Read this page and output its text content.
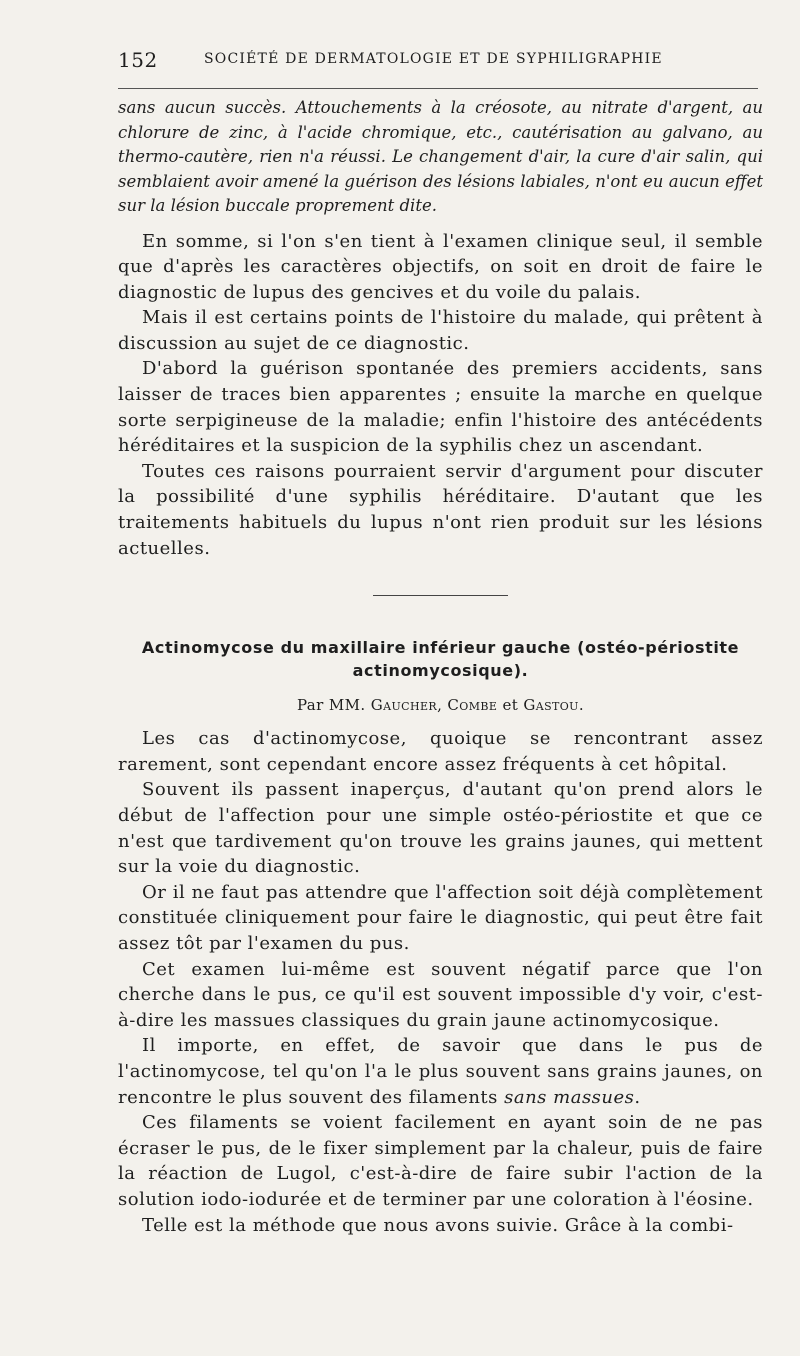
152	SOCIÉTÉ DE DERMATOLOGIE ET DE SYPHILIGRAPHIE

sans aucun succès. Attouchements à la créosote, au nitrate d'argent, au chlorure de zinc, à l'acide chromique, etc., cautérisation au galvano, au thermo-cautère, rien n'a réussi. Le changement d'air, la cure d'air salin, qui semblaient avoir amené la guérison des lésions labiales, n'ont eu aucun effet sur la lésion buccale proprement dite.

En somme, si l'on s'en tient à l'examen clinique seul, il semble que d'après les caractères objectifs, on soit en droit de faire le diagnostic de lupus des gencives et du voile du palais.

Mais il est certains points de l'histoire du malade, qui prêtent à discussion au sujet de ce diagnostic.

D'abord la guérison spontanée des premiers accidents, sans laisser de traces bien apparentes ; ensuite la marche en quelque sorte serpigineuse de la maladie; enfin l'histoire des antécédents héréditaires et la suspicion de la syphilis chez un ascendant.

Toutes ces raisons pourraient servir d'argument pour discuter la possibilité d'une syphilis héréditaire. D'autant que les traitements habituels du lupus n'ont rien produit sur les lésions actuelles.

Actinomycose du maxillaire inférieur gauche (ostéo-périostite actinomycosique).

Par MM. Gaucher, Combe et Gastou.

Les cas d'actinomycose, quoique se rencontrant assez rarement, sont cependant encore assez fréquents à cet hôpital.

Souvent ils passent inaperçus, d'autant qu'on prend alors le début de l'affection pour une simple ostéo-périostite et que ce n'est que tardivement qu'on trouve les grains jaunes, qui mettent sur la voie du diagnostic.

Or il ne faut pas attendre que l'affection soit déjà complètement constituée cliniquement pour faire le diagnostic, qui peut être fait assez tôt par l'examen du pus.

Cet examen lui-même est souvent négatif parce que l'on cherche dans le pus, ce qu'il est souvent impossible d'y voir, c'est-à-dire les massues classiques du grain jaune actinomycosique.

Il importe, en effet, de savoir que dans le pus de l'actinomycose, tel qu'on l'a le plus souvent sans grains jaunes, on rencontre le plus souvent des filaments sans massues.

Ces filaments se voient facilement en ayant soin de ne pas écraser le pus, de le fixer simplement par la chaleur, puis de faire la réaction de Lugol, c'est-à-dire de faire subir l'action de la solution iodo-iodurée et de terminer par une coloration à l'éosine.

Telle est la méthode que nous avons suivie. Grâce à la combi-
